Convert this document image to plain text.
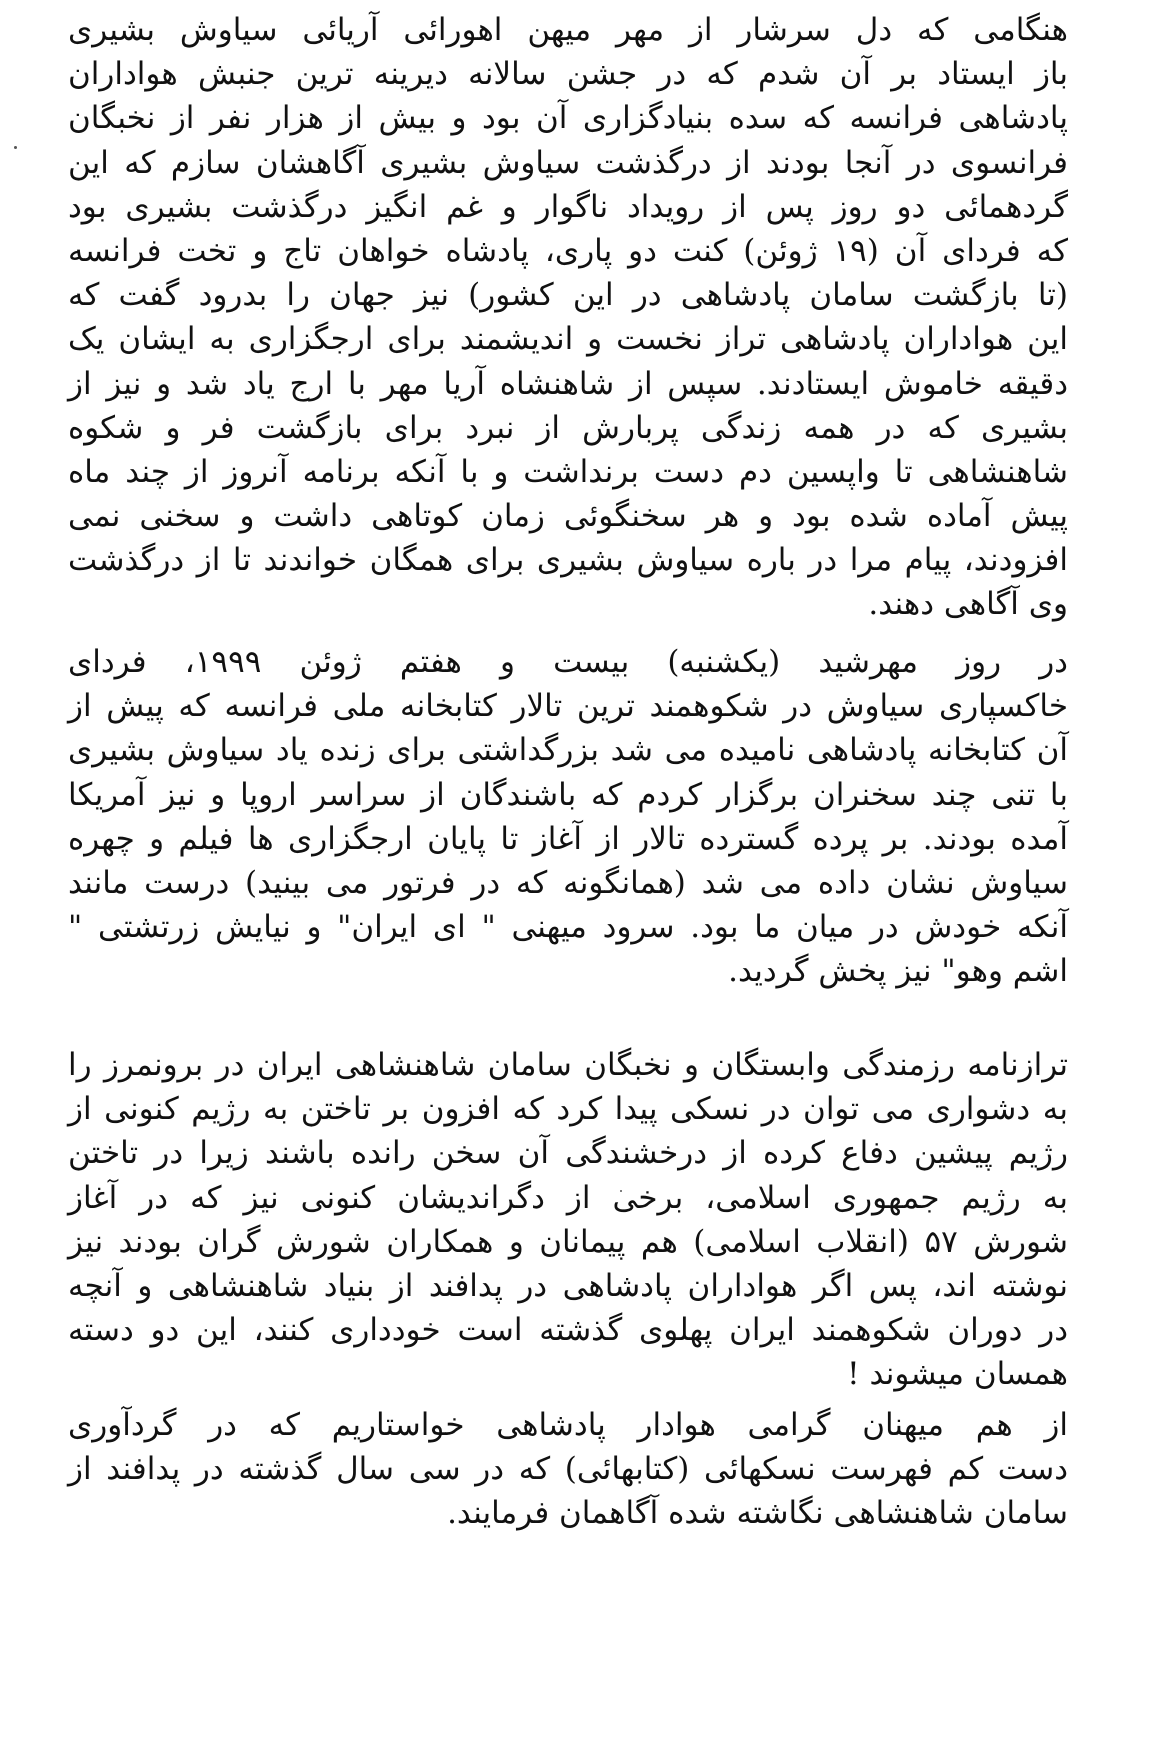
هنگامی که دل سرشار از مهر میهن اهورائی آریائی سیاوش بشیری
باز ایستاد بر آن شدم که در جشن سالانه دیرینه ترین جنبش هواداران
پادشاهی فرانسه که سده بنیادگزاری آن بود و بیش از هزار نفر از نخبگان
فرانسوی در آنجا بودند از درگذشت سیاوش بشیری آگاهشان سازم که این
گردهمائی دو روز پس از رویداد ناگوار و غم انگیز درگذشت بشیری بود
که فردای آن (۱۹ ژوئن) کنت دو پاری، پادشاه خواهان تاج و تخت فرانسه
(تا بازگشت سامان پادشاهی در این کشور) نیز جهان را بدرود گفت که
این هواداران پادشاهی تراز نخست و اندیشمند برای ارجگزاری به ایشان یک
دقیقه خاموش ایستادند. سپس از شاهنشاه آریا مهر با ارج یاد شد و نیز از
بشیری که در همه زندگی پربارش از نبرد برای بازگشت فر و شکوه
شاهنشاهی تا واپسین دم دست برنداشت و با آنکه برنامه آنروز از چند ماه
پیش آماده شده بود و هر سخنگوئی زمان کوتاهی داشت و سخنی نمی
افزودند، پیام مرا در باره سیاوش بشیری برای همگان خواندند تا از درگذشت
وی آگاهی دهند.
در روز مهرشید (یکشنبه) بیست و هفتم ژوئن ۱۹۹۹، فردای
خاکسپاری سیاوش در شکوهمند ترین تالار کتابخانه ملی فرانسه که پیش از
آن کتابخانه پادشاهی نامیده می شد بزرگداشتی برای زنده یاد سیاوش بشیری
با تنی چند سخنران برگزار کردم که باشندگان از سراسر اروپا و نیز آمریکا
آمده بودند. بر پرده گسترده تالار از آغاز تا پایان ارجگزاری ها فیلم و چهره
سیاوش نشان داده می شد (همانگونه که در فرتور می بینید) درست مانند
آنکه خودش در میان ما بود. سرود میهنی " ای ایران" و نیایش زرتشتی "
اشم وهو" نیز پخش گردید.
ترازنامه رزمندگی وابستگان و نخبگان سامان شاهنشاهی ایران در برونمرز را
به دشواری می توان در نسکی پیدا کرد که افزون بر تاختن به رژیم کنونی از
رژیم پیشین دفاع کرده از درخشندگی آن سخن رانده باشند زیرا در تاختن
به رژیم جمهوری اسلامی، برخی از دگراندیشان کنونی نیز که در آغاز
شورش ۵۷ (انقلاب اسلامی) هم پیمانان و همکاران شورش گران بودند نیز
نوشته اند، پس اگر هواداران پادشاهی در پدافند از بنیاد شاهنشاهی و آنچه
در دوران شکوهمند ایران پهلوی گذشته است خودداری کنند، این دو دسته
همسان میشوند !
از هم میهنان گرامی هوادار پادشاهی خواستاریم که در گردآوری
دست کم فهرست نسکهائی (کتابهائی) که در سی سال گذشته در پدافند از
سامان شاهنشاهی نگاشته شده آگاهمان فرمایند.
